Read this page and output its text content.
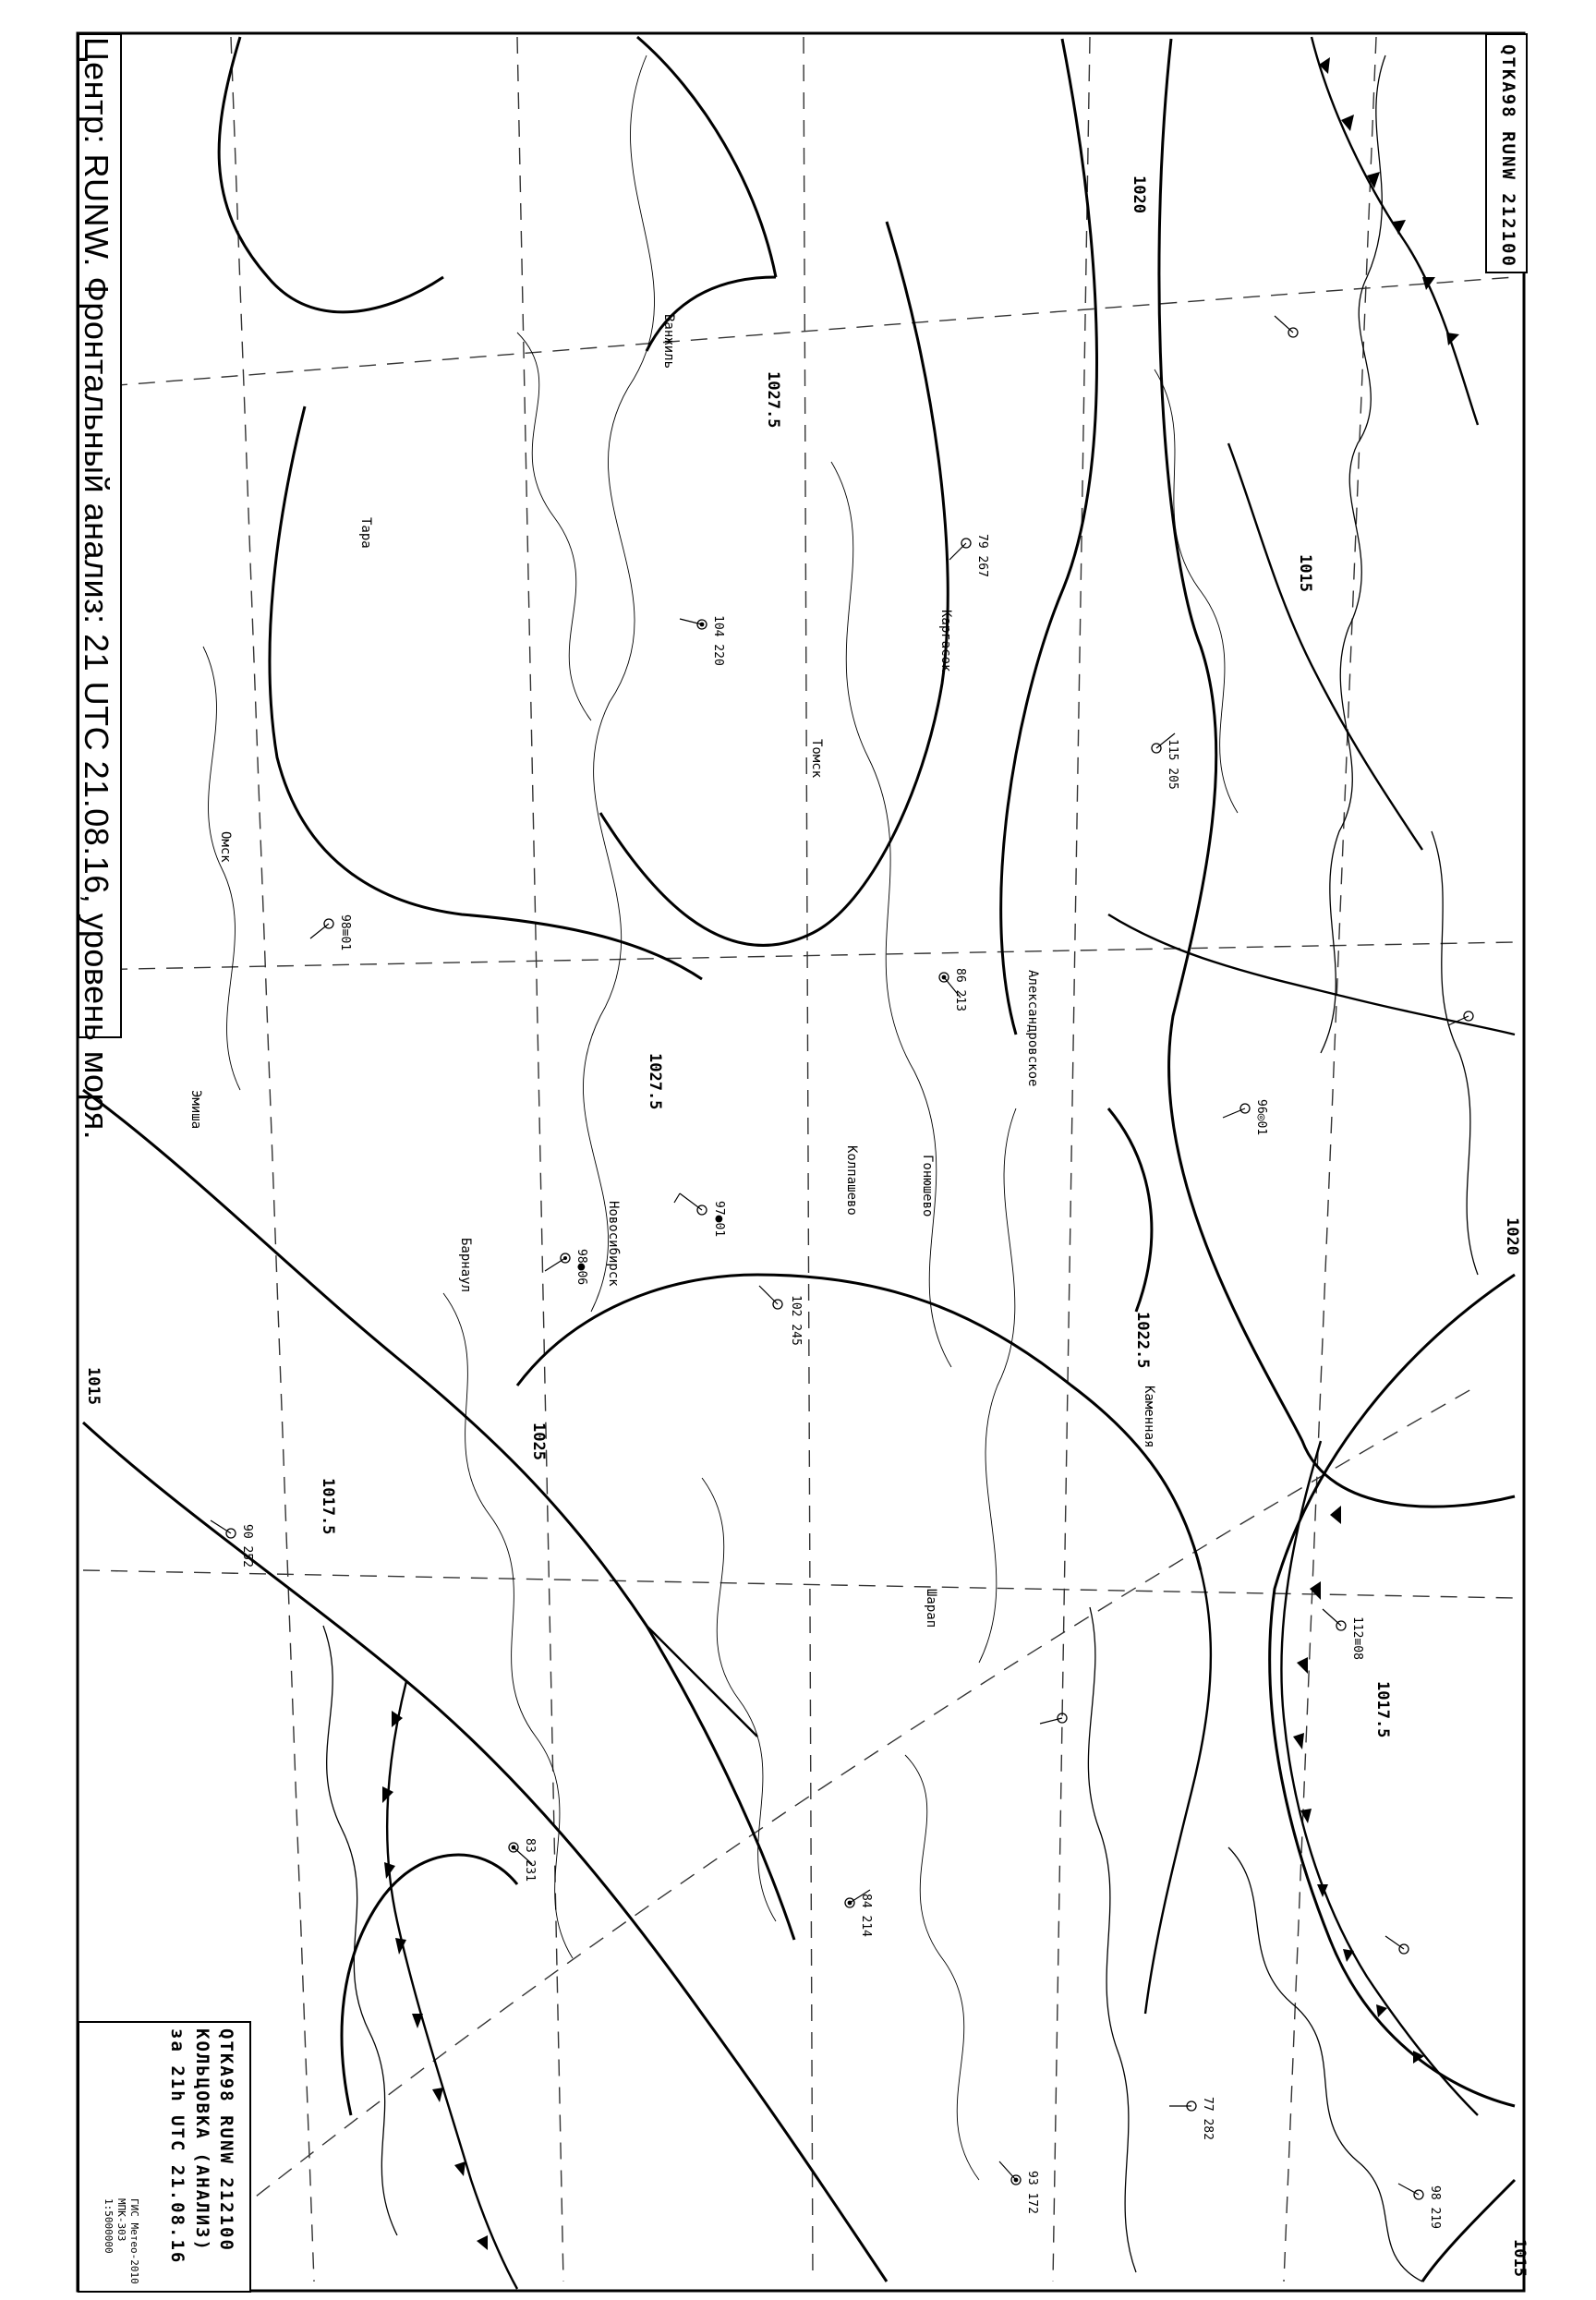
1027.5
1025
1022.5
1020
1017.5
1015
1017.5
1015
1020
1027.5
1015
97●01
98●06
102 245
84 214
96◎01
86 213
112≡08
77 282
93 172	98 219
79 267
115 205
104 220
98≡01
90 252
83 231
Новосибирск
Барнаул
Колпашево
Александровское
Каргасок
Ванжиль
Тара
Омск
Томск
Каменная
Гонюшево
Шарап
Эмиша
Центр: RUNW. Фронтальный анализ: 21 UTC 21.08.16, уровень моря.	QTKA98 RUNW 212100
QTKA98 RUNW 212100
КОЛЬЦОВКА (АНАЛИЗ)
за 21h UTC 21.08.16
ГИС Метео-2010
МПК-303
1:5000000
